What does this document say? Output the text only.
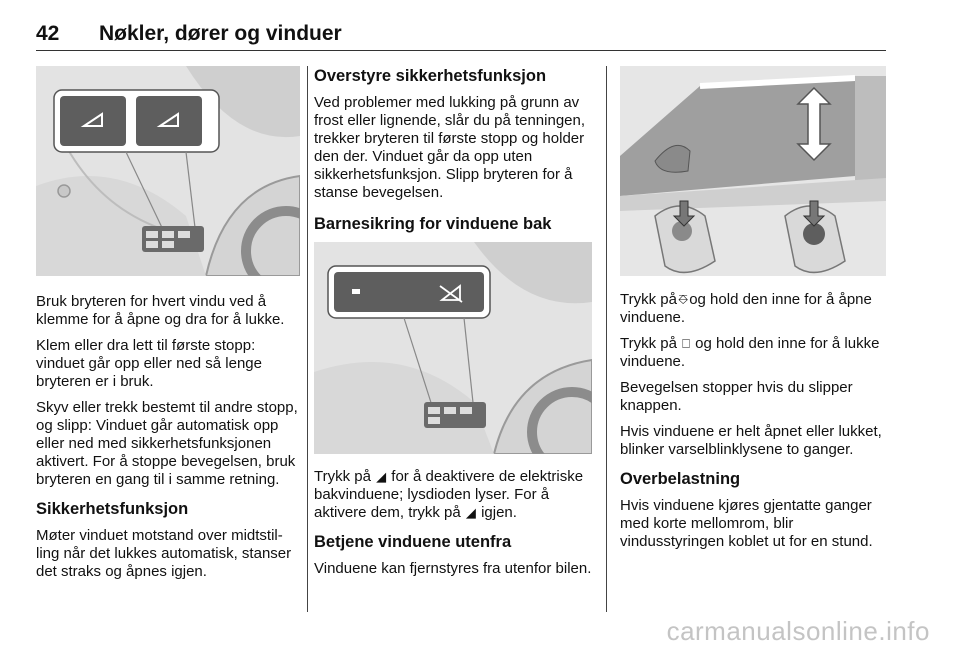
42 Nøkler, dører og vinduer

Bruk bryteren for hvert vindu ved å klemme for å åpne og dra for å lukke.

Klem eller dra lett til første stopp: vinduet går opp eller ned så lenge bryteren er i bruk.

Skyv eller trekk bestemt til andre stopp, og slipp: Vinduet går automatisk opp eller ned med sikkerhetsfunksjonen aktivert. For å stoppe bevegelsen, bruk bryteren en gang til i samme retning.

Sikkerhetsfunksjon

Møter vinduet motstand over midtstilling når det lukkes automatisk, stanser det straks og åpnes igjen.

Overstyre sikkerhetsfunksjon

Ved problemer med lukking på grunn av frost eller lignende, slår du på tenningen, trekker bryteren til første stopp og holder den der. Vinduet går da opp uten sikkerhetsfunksjon. Slipp bryteren for å stanse bevegelsen.

Barnesikring for vinduene bak

Trykk på ◢ for å deaktivere de elektriske bakvinduene; lysdioden lyser. For å aktivere dem, trykk på ◢ igjen.

Betjene vinduene utenfra

Vinduene kan fjernstyres fra utenfor bilen.

Trykk på⎑og hold den inne for å åpne vinduene.

Trykk på ⎕ og hold den inne for å lukke vinduene.

Bevegelsen stopper hvis du slipper knappen.

Hvis vinduene er helt åpnet eller lukket, blinker varselblinklysene to ganger.

Overbelastning

Hvis vinduene kjøres gjentatte ganger med korte mellomrom, blir vindusstyringen koblet ut for en stund.

carmanualsonline.info
